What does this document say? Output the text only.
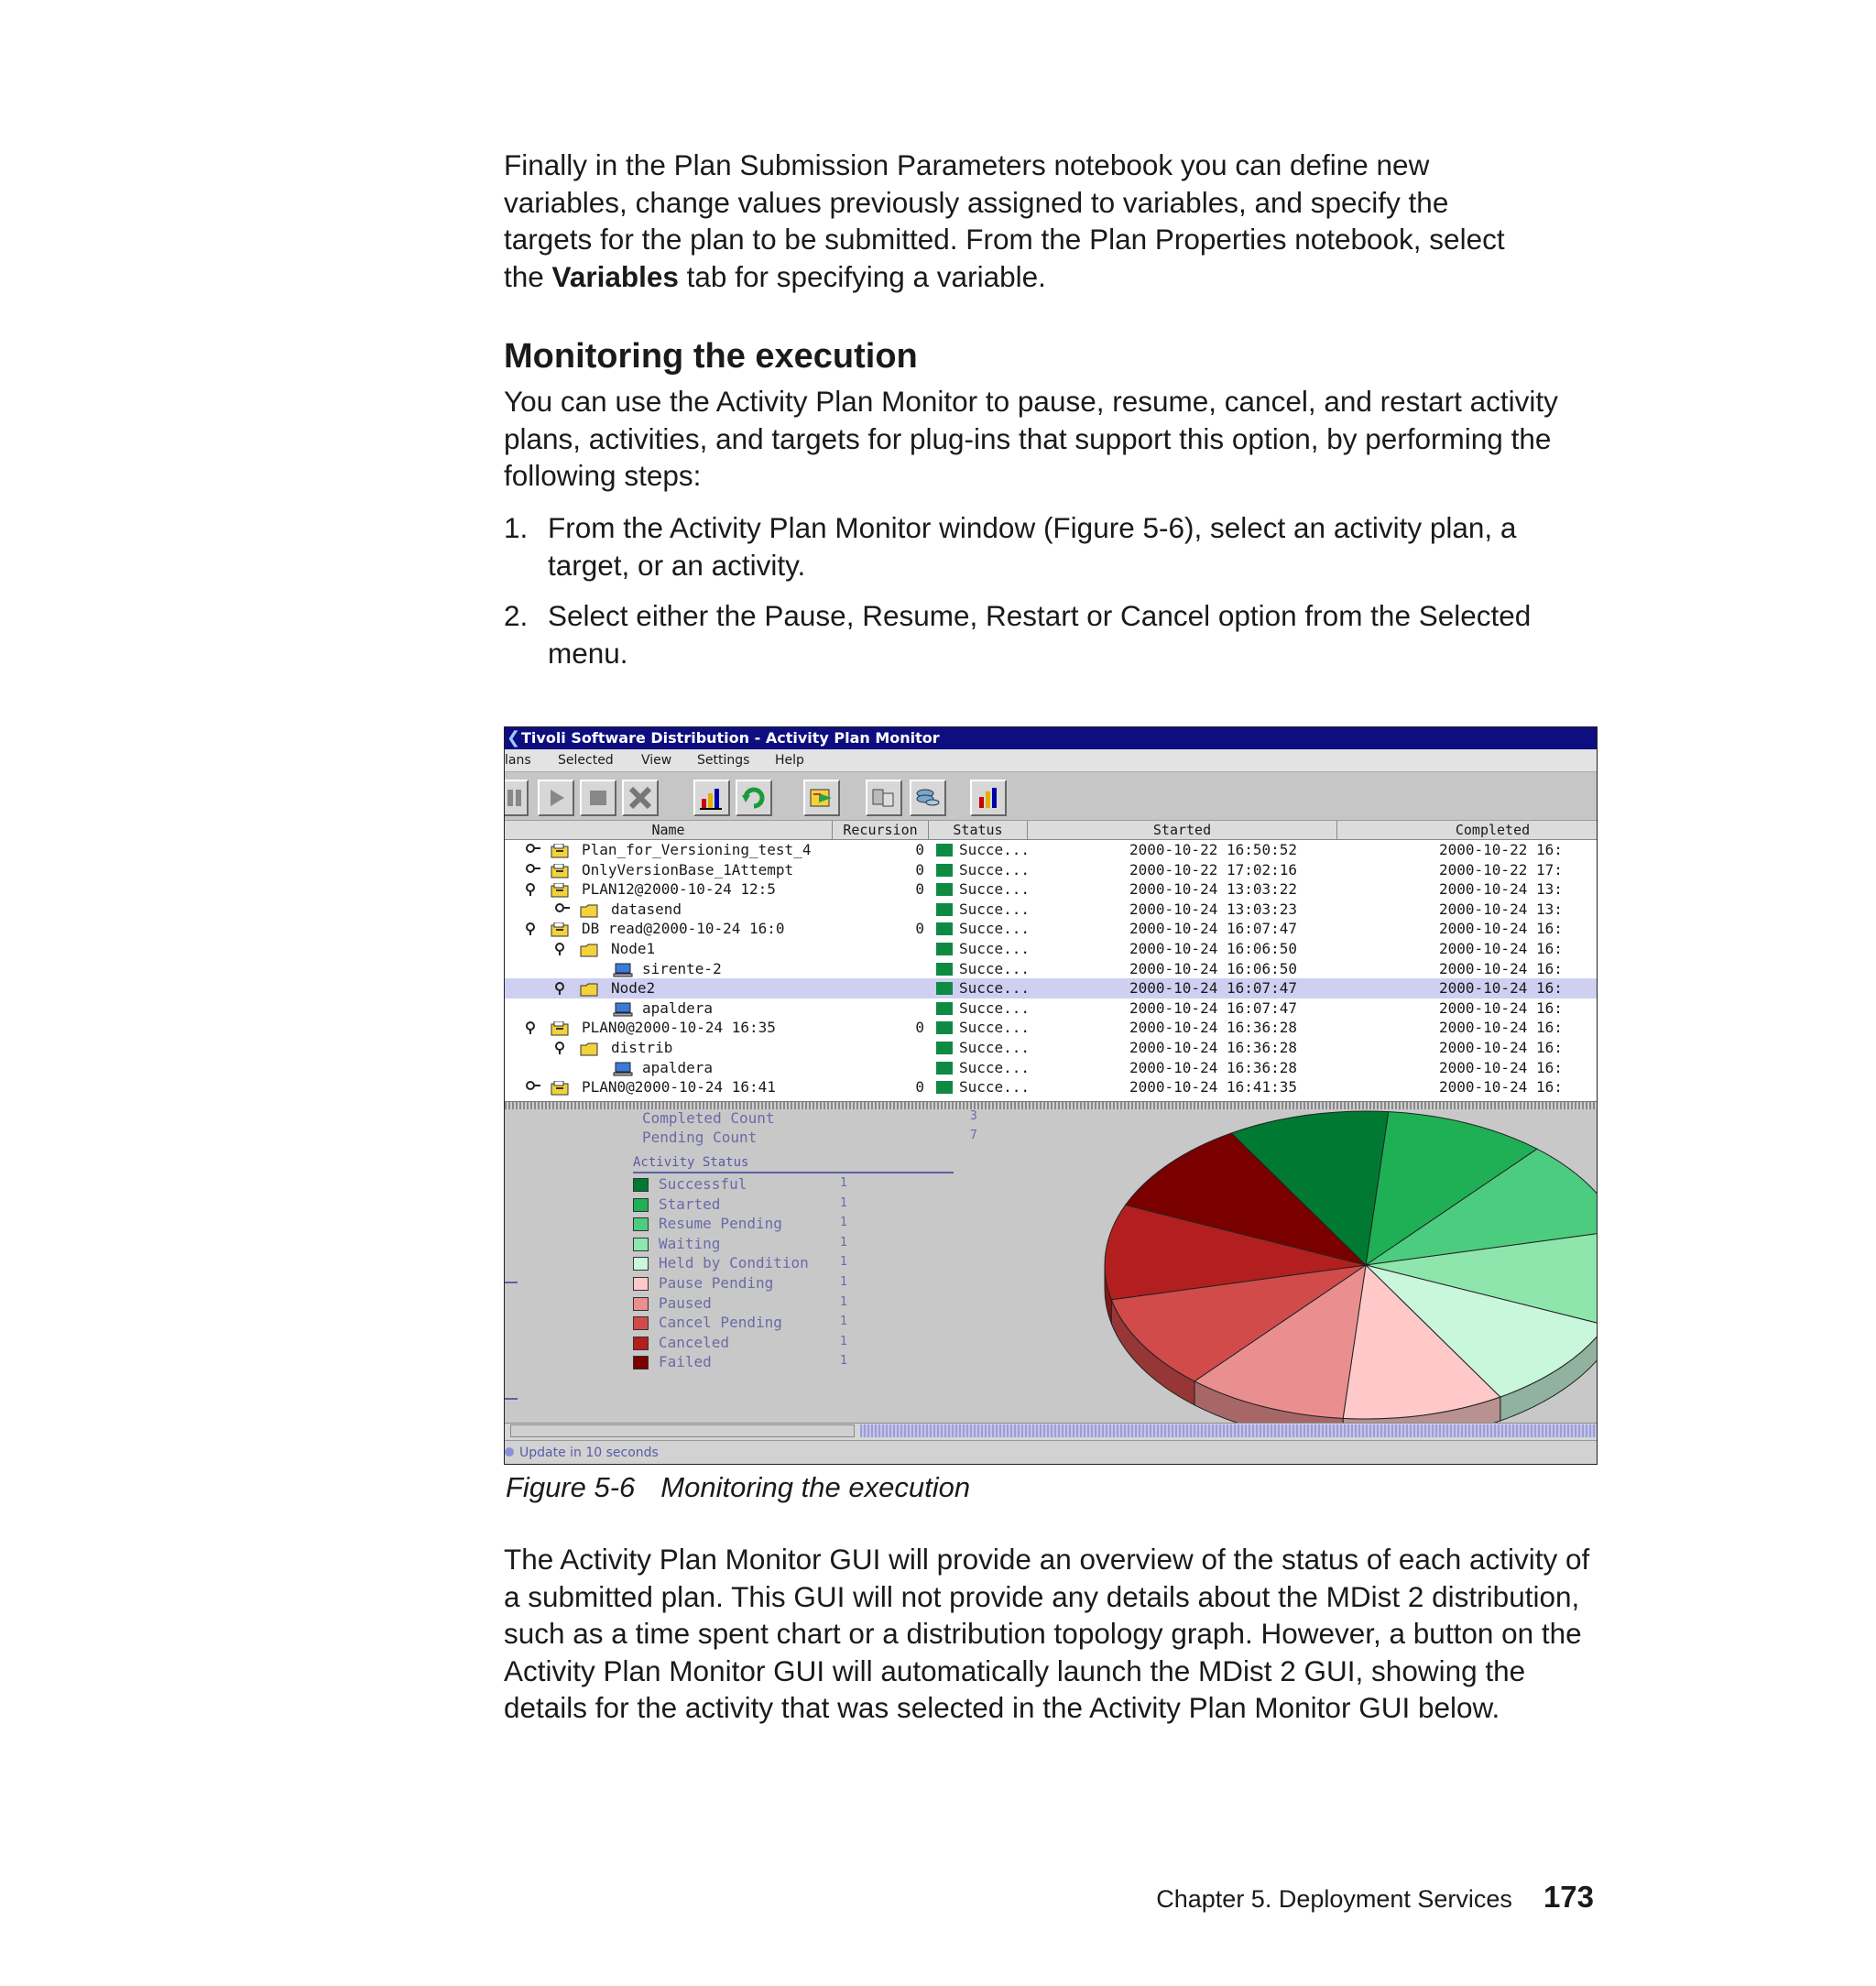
Finally in the Plan Submission Parameters notebook you can define new
variables, change values previously assigned to variables, and specify the
targets for the plan to be submitted. From the Plan Properties notebook, select
the Variables tab for specifying a variable.
Monitoring the execution

You can use the Activity Plan Monitor to pause, resume, cancel, and restart activity plans, activities, and targets for plug-ins that support this option, by performing the following steps:

1. From the Activity Plan Monitor window (Figure 5-6), select an activity plan, a target, or an activity.
2. Select either the Pause, Resume, Restart or Cancel option from the Selected menu.
❮ Tivoli Software Distribution - Activity Plan Monitor
lans Selected View Settings Help
Name	Recursion	Status	Started	Completed
Plan_for_Versioning_test_4	0 Succe...	2000-10-22 16:50:52	2000-10-22 16:
OnlyVersionBase_1Attempt	0 Succe...	2000-10-22 17:02:16	2000-10-22 17:
PLAN12@2000-10-24 12:5	0 Succe...	2000-10-24 13:03:22	2000-10-24 13:
datasend	Succe...	2000-10-24 13:03:23	2000-10-24 13:
DB read@2000-10-24 16:0	0 Succe...	2000-10-24 16:07:47	2000-10-24 16:
Node1	Succe...	2000-10-24 16:06:50	2000-10-24 16:
sirente-2	Succe...	2000-10-24 16:06:50	2000-10-24 16:
Node2	Succe...	2000-10-24 16:07:47	2000-10-24 16:
apaldera	Succe...	2000-10-24 16:07:47	2000-10-24 16:
PLAN0@2000-10-24 16:35	0 Succe...	2000-10-24 16:36:28	2000-10-24 16:
distrib	Succe...	2000-10-24 16:36:28	2000-10-24 16:
apaldera	Succe...	2000-10-24 16:36:28	2000-10-24 16:
PLAN0@2000-10-24 16:41	0 Succe...	2000-10-24 16:41:35	2000-10-24 16:
Completed Count	3
Pending Count	7
Activity Status
Successful	1
Started	1
Resume Pending	1
Waiting	1
Held by Condition	1
Pause Pending	1
Paused	1
Cancel Pending	1
Canceled	1
Failed	1
Update in 10 seconds
Figure 5-6 Monitoring the execution

The Activity Plan Monitor GUI will provide an overview of the status of each activity of a submitted plan. This GUI will not provide any details about the MDist 2 distribution, such as a time spent chart or a distribution topology graph. However, a button on the Activity Plan Monitor GUI will automatically launch the MDist 2 GUI, showing the details for the activity that was selected in the Activity Plan Monitor GUI below.

Chapter 5. Deployment Services 173
